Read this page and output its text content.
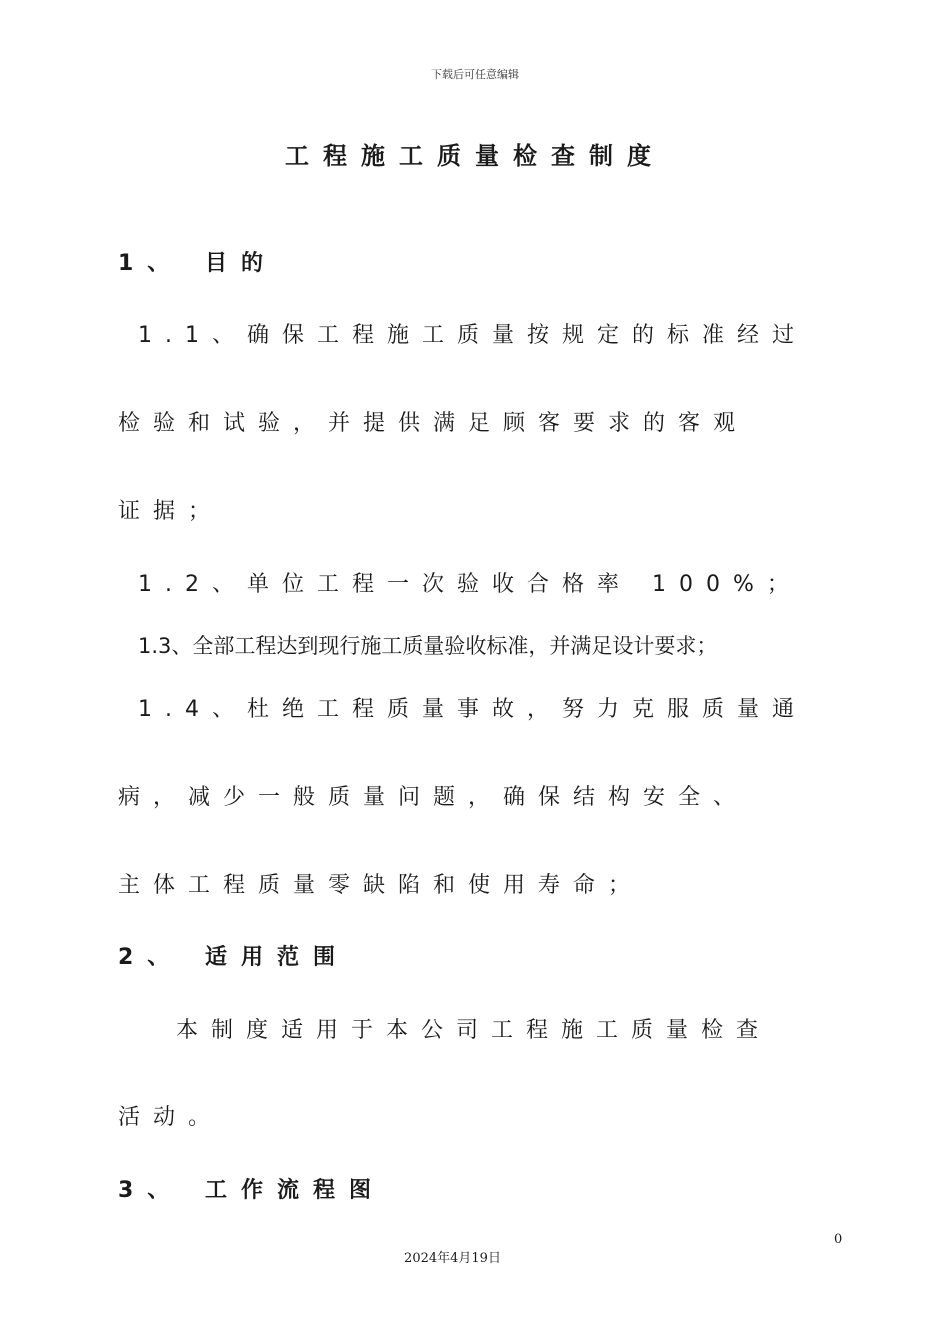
下载后可任意编辑
工程施工质量检查制度
1、 目的
1.1、确保工程施工质量按规定的标准经过
检验和试验，并提供满足顾客要求的客观
证据；
1.2、单位工程一次验收合格率 100%；
1.3、全部工程达到现行施工质量验收标准，并满足设计要求；
1.4、杜绝工程质量事故，努力克服质量通
病，减少一般质量问题，确保结构安全、
主体工程质量零缺陷和使用寿命；
2、 适用范围
本制度适用于本公司工程施工质量检查
活动。
3、 工作流程图
0
2024年4月19日
